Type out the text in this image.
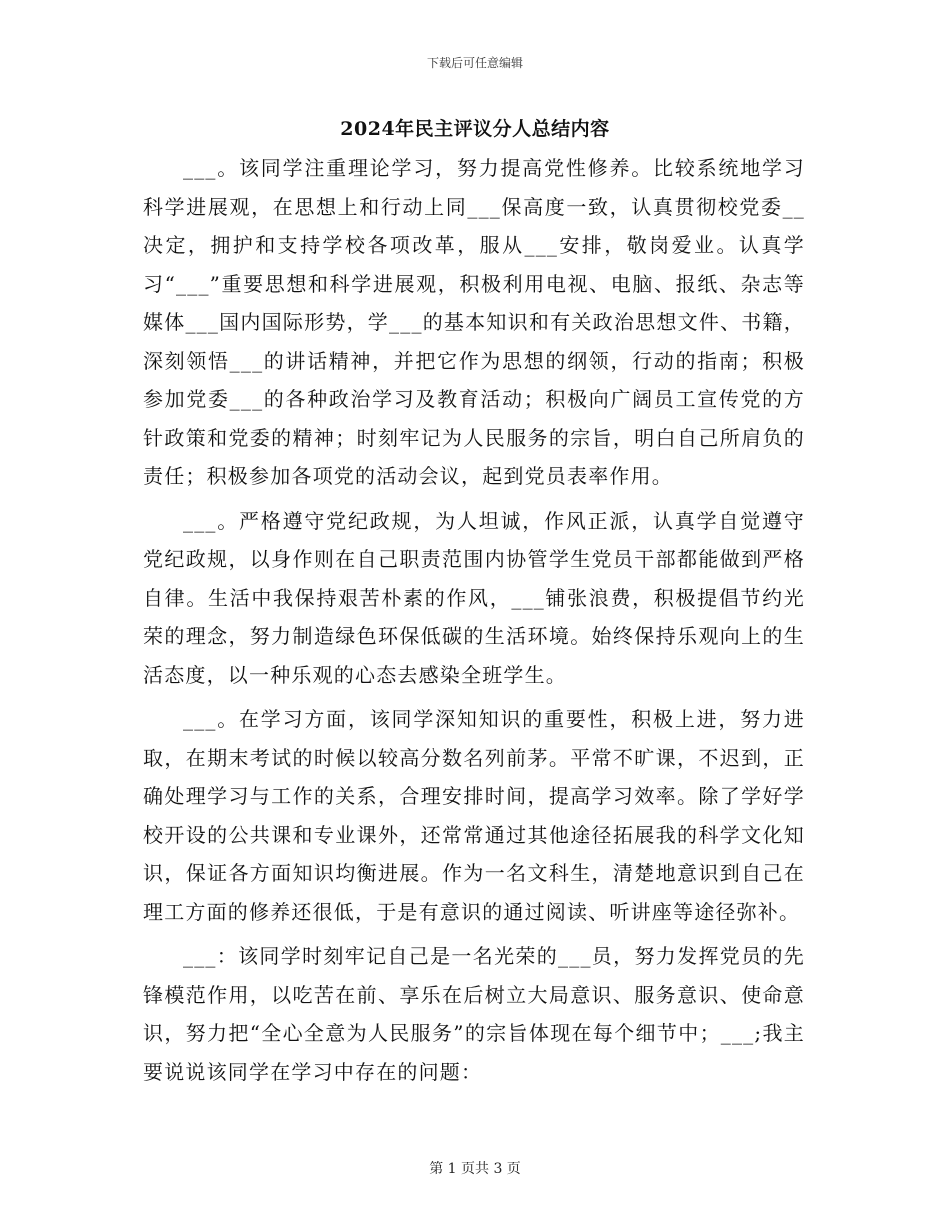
下载后可任意编辑
2024年民主评议分人总结内容

___。该同学注重理论学习，努力提高党性修养。比较系统地学习科学进展观，在思想上和行动上同___保高度一致，认真贯彻校党委__决定，拥护和支持学校各项改革，服从___安排，敬岗爱业。认真学习“___”重要思想和科学进展观，积极利用电视、电脑、报纸、杂志等媒体___国内国际形势，学___的基本知识和有关政治思想文件、书籍，深刻领悟___的讲话精神，并把它作为思想的纲领，行动的指南；积极参加党委___的各种政治学习及教育活动；积极向广阔员工宣传党的方针政策和党委的精神；时刻牢记为人民服务的宗旨，明白自己所肩负的责任；积极参加各项党的活动会议，起到党员表率作用。

___。严格遵守党纪政规，为人坦诚，作风正派，认真学自觉遵守党纪政规，以身作则在自己职责范围内协管学生党员干部都能做到严格自律。生活中我保持艰苦朴素的作风，___铺张浪费，积极提倡节约光荣的理念，努力制造绿色环保低碳的生活环境。始终保持乐观向上的生活态度，以一种乐观的心态去感染全班学生。

___。在学习方面，该同学深知知识的重要性，积极上进，努力进取，在期末考试的时候以较高分数名列前茅。平常不旷课，不迟到，正确处理学习与工作的关系，合理安排时间，提高学习效率。除了学好学校开设的公共课和专业课外，还常常通过其他途径拓展我的科学文化知识，保证各方面知识均衡进展。作为一名文科生，清楚地意识到自己在理工方面的修养还很低，于是有意识的通过阅读、听讲座等途径弥补。

___：该同学时刻牢记自己是一名光荣的___员，努力发挥党员的先锋模范作用，以吃苦在前、享乐在后树立大局意识、服务意识、使命意识，努力把“全心全意为人民服务”的宗旨体现在每个细节中；___;我主要说说该同学在学习中存在的问题：

第 1 页共 3 页
